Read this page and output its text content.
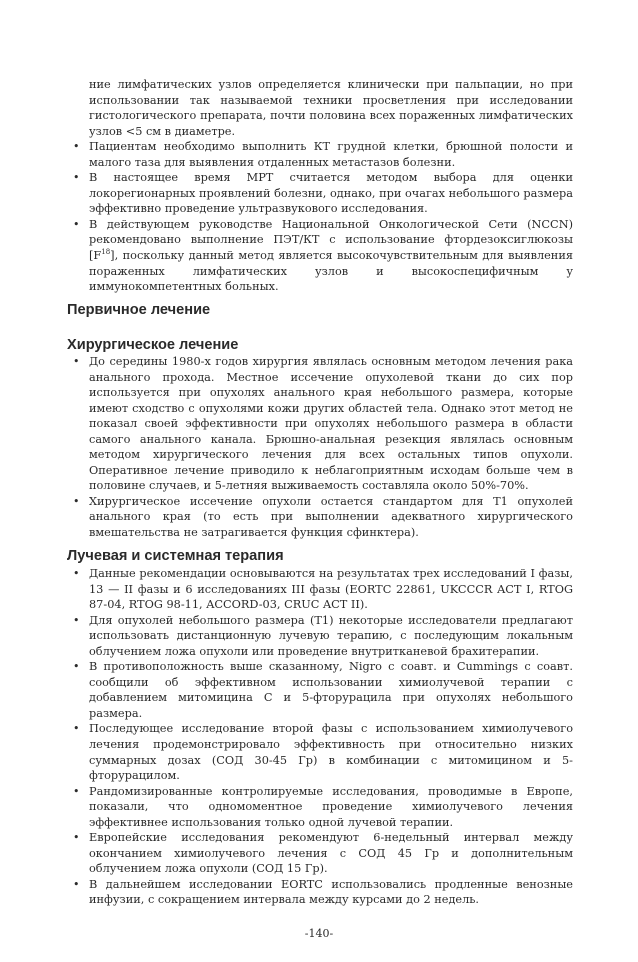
ние лимфатических узлов определяется клинически при пальпации, но при использовании так называемой техники просветления при исследовании гистологического препарата, почти половина всех пораженных лимфатических узлов <5 см в диаметре.

• Пациентам необходимо выполнить КТ грудной клетки, брюшной полости и малого таза для выявления отдаленных метастазов болезни.
• В настоящее время МРТ считается методом выбора для оценки локорегионарных проявлений болезни, однако, при очагах небольшого размера эффективно проведение ультразвукового исследования.
• В действующем руководстве Национальной Онкологической Сети (NCCN) рекомендовано выполнение ПЭТ/КТ с использование фтордезоксиглюкозы $[F^{18}]$, поскольку данный метод является высокочувствительным для выявления пораженных лимфатических узлов и высокоспецифичным у иммунокомпетентных больных.
Первичное лечение
Хирургическое лечение
• До середины 1980-х годов хирургия являлась основным методом лечения рака анального прохода. Местное иссечение опухолевой ткани до сих пор используется при опухолях анального края небольшого размера, которые имеют сходство с опухолями кожи других областей тела. Однако этот метод не показал своей эффективности при опухолях небольшого размера в области самого анального канала. Брюшно-анальная резекция являлась основным методом хирургического лечения для всех остальных типов опухоли. Оперативное лечение приводило к неблагоприятным исходам больше чем в половине случаев, и 5-летняя выживаемость составляла около 50%-70%.
• Хирургическое иссечение опухоли остается стандартом для Т1 опухолей анального края (то есть при выполнении адекватного хирургического вмешательства не затрагивается функция сфинктера).
Лучевая и системная терапия
• Данные рекомендации основываются на результатах трех исследований I фазы, 13 — II фазы и 6 исследованиях III фазы (EORTC 22861, UKCCCR ACT I, RTOG 87-04, RTOG 98-11, ACCORD-03, CRUC ACT II).
• Для опухолей небольшого размера (Т1) некоторые исследователи предлагают использовать дистанционную лучевую терапию, с последующим локальным облучением ложа опухоли или проведение внутритканевой брахитерапии.
• В противоположность выше сказанному, Nigro с соавт. и Cummings с соавт. сообщили об эффективном использовании химиолучевой терапии с добавлением митомицина С и 5-фторурацила при опухолях небольшого размера.
• Последующее исследование второй фазы с использованием химиолучевого лечения продемонстрировало эффективность при относительно низких суммарных дозах (СОД 30-45 Гр) в комбинации с митомицином и 5-фторурацилом.
• Рандомизированные контролируемые исследования, проводимые в Европе, показали, что одномоментное проведение химиолучевого лечения эффективнее использования только одной лучевой терапии.
• Европейские исследования рекомендуют 6-недельный интервал между окончанием химиолучевого лечения с СОД 45 Гр и дополнительным облучением ложа опухоли (СОД 15 Гр).
• В дальнейшем исследовании EORTC использовались продленные венозные инфузии, с сокращением интервала между курсами до 2 недель.
-140-
